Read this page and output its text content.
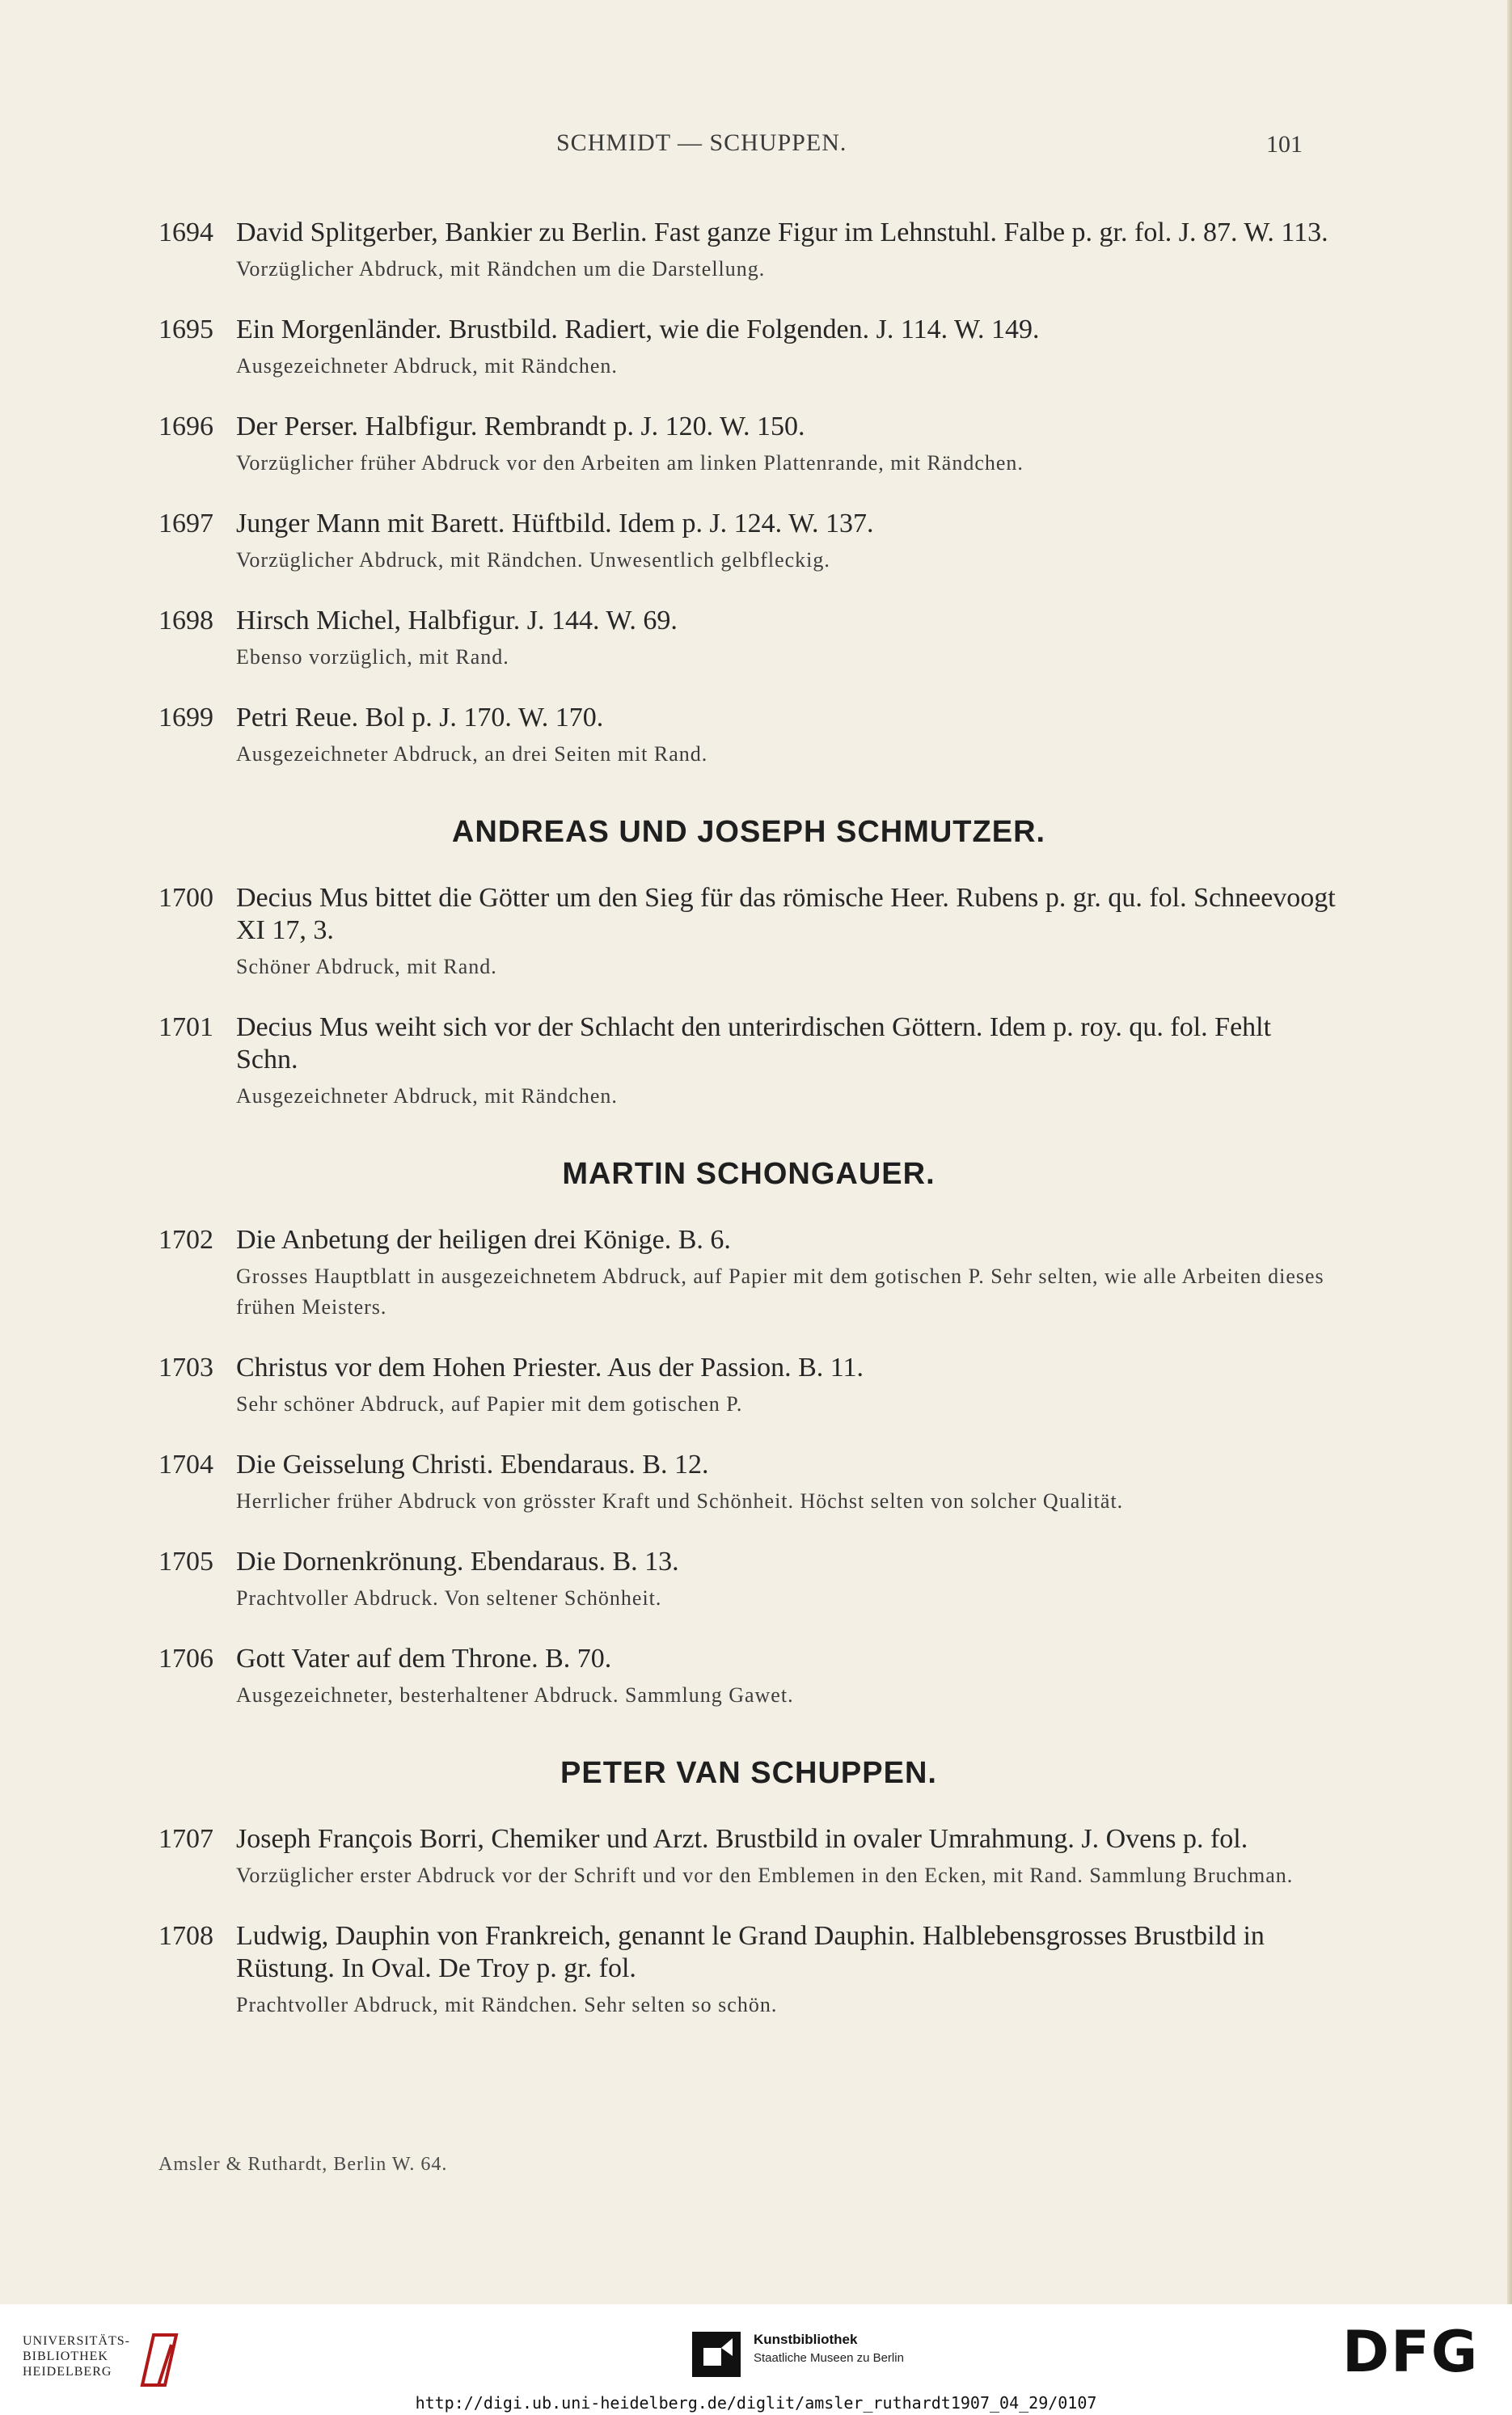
SCHMIDT — SCHUPPEN.	101
1694 David Splitgerber, Bankier zu Berlin. Fast ganze Figur im Lehnstuhl. Falbe p. gr. fol. J. 87. W. 113.

Vorzüglicher Abdruck, mit Rändchen um die Darstellung.

1695 Ein Morgenländer. Brustbild. Radiert, wie die Folgenden. J. 114. W. 149.

Ausgezeichneter Abdruck, mit Rändchen.

1696 Der Perser. Halbfigur. Rembrandt p. J. 120. W. 150.

Vorzüglicher früher Abdruck vor den Arbeiten am linken Plattenrande, mit Rändchen.

1697 Junger Mann mit Barett. Hüftbild. Idem p. J. 124. W. 137.

Vorzüglicher Abdruck, mit Rändchen. Unwesentlich gelbfleckig.

1698 Hirsch Michel, Halbfigur. J. 144. W. 69.

Ebenso vorzüglich, mit Rand.

1699 Petri Reue. Bol p. J. 170. W. 170.

Ausgezeichneter Abdruck, an drei Seiten mit Rand.

ANDREAS UND JOSEPH SCHMUTZER.
1700 Decius Mus bittet die Götter um den Sieg für das römische Heer. Rubens p. gr. qu. fol. Schneevoogt XI 17, 3.

Schöner Abdruck, mit Rand.

1701 Decius Mus weiht sich vor der Schlacht den unterirdischen Göttern. Idem p. roy. qu. fol. Fehlt Schn.

Ausgezeichneter Abdruck, mit Rändchen.

MARTIN SCHONGAUER.
1702 Die Anbetung der heiligen drei Könige. B. 6.

Grosses Hauptblatt in ausgezeichnetem Abdruck, auf Papier mit dem gotischen P. Sehr selten, wie alle Arbeiten dieses frühen Meisters.

1703 Christus vor dem Hohen Priester. Aus der Passion. B. 11.

Sehr schöner Abdruck, auf Papier mit dem gotischen P.

1704 Die Geisselung Christi. Ebendaraus. B. 12.

Herrlicher früher Abdruck von grösster Kraft und Schönheit. Höchst selten von solcher Qualität.

1705 Die Dornenkrönung. Ebendaraus. B. 13.

Prachtvoller Abdruck. Von seltener Schönheit.

1706 Gott Vater auf dem Throne. B. 70.

Ausgezeichneter, besterhaltener Abdruck. Sammlung Gawet.

PETER VAN SCHUPPEN.
1707 Joseph François Borri, Chemiker und Arzt. Brustbild in ovaler Umrahmung. J. Ovens p. fol.

Vorzüglicher erster Abdruck vor der Schrift und vor den Emblemen in den Ecken, mit Rand. Sammlung Bruchman.

1708 Ludwig, Dauphin von Frankreich, genannt le Grand Dauphin. Halblebensgrosses Brustbild in Rüstung. In Oval. De Troy p. gr. fol.

Prachtvoller Abdruck, mit Rändchen. Sehr selten so schön.

Amsler & Ruthardt, Berlin W. 64.
UNIVERSITÄTS-
BIBLIOTHEK
HEIDELBERG
Kunstbibliothek
Staatliche Museen zu Berlin	DFG
http://digi.ub.uni-heidelberg.de/diglit/amsler_ruthardt1907_04_29/0107
